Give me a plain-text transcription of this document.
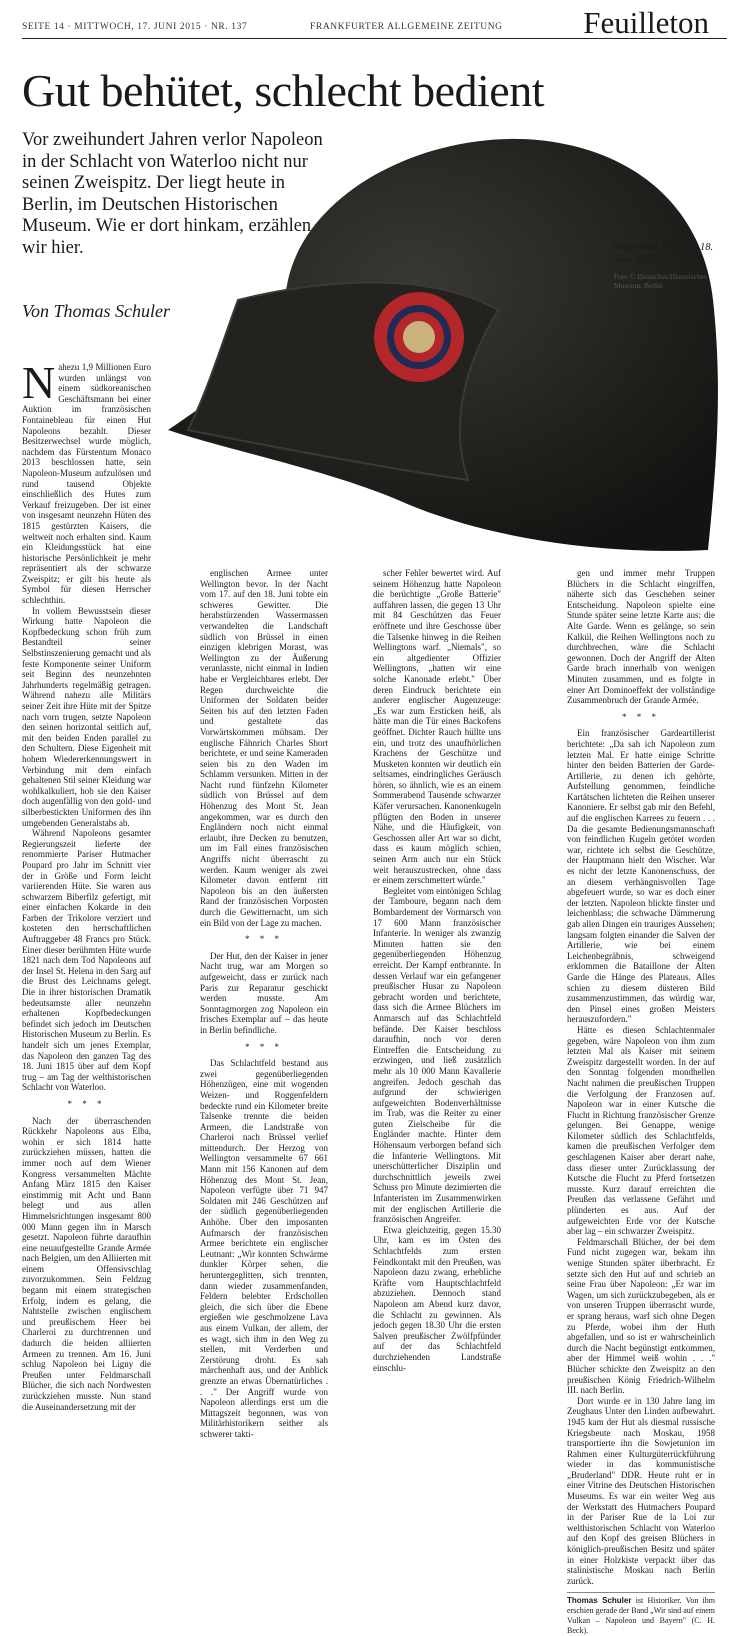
SEITE 14 · MITTWOCH, 17. JUNI 2015 · NR. 137	FRANKFURTER ALLGEMEINE ZEITUNG	Feuilleton
Gut behütet, schlecht bedient
Vor zweihundert Jahren verlor Napoleon in der Schlacht von Waterloo nicht nur seinen Zweispitz. Der liegt heute in Berlin, im Deutschen Historischen Museum. Wie er dort hinkam, erzählen wir hier.
Von Thomas Schuler
Napoleons Hut vom 18. Juni 1815
Foto © Deutsches Historisches Museum, Berlin

Nahezu 1,9 Millionen Euro wurden unlängst von einem südkoreanischen Geschäftsmann bei einer Auktion im französischen Fontainebleau für einen Hut Napoleons bezahlt. Dieser Besitzerwechsel wurde möglich, nachdem das Fürstentum Monaco 2013 beschlossen hatte, sein Napoleon-Museum aufzulösen und rund tausend Objekte einschließlich des Hutes zum Verkauf freizugeben. Der ist einer von insgesamt neunzehn Hüten des 1815 gestürzten Kaisers, die weltweit noch erhalten sind. Kaum ein Kleidungsstück hat eine historische Persönlichkeit je mehr repräsentiert als der schwarze Zweispitz; er gilt bis heute als Symbol für diesen Herrscher schlechthin.

In vollem Bewusstsein dieser Wirkung hatte Napoleon die Kopfbedeckung schon früh zum Bestandteil seiner Selbstinszenierung gemacht und als feste Komponente seiner Uniform seit Beginn des neunzehnten Jahrhunderts regelmäßig getragen. Während nahezu alle Militärs seiner Zeit ihre Hüte mit der Spitze nach vorn trugen, setzte Napoleon den seinen horizontal seitlich auf, mit den beiden Enden parallel zu den Schultern. Diese Eigenheit mit hohem Wiedererkennungswert in Verbindung mit dem einfach gehaltenen Stil seiner Kleidung war wohlkalkuliert, hob sie den Kaiser doch augenfällig von den gold- und silberbestickten Uniformen des ihn umgebenden Generalstabs ab.

Während Napoleons gesamter Regierungszeit lieferte der renommierte Pariser Hutmacher Poupard pro Jahr im Schnitt vier der in Größe und Form leicht variierenden Hüte. Sie waren aus schwarzem Biberfilz gefertigt, mit einer einfachen Kokarde in den Farben der Trikolore verziert und kosteten den herrschaftlichen Auftraggeber 48 Francs pro Stück. Einer dieser berühmten Hüte wurde 1821 nach dem Tod Napoleons auf der Insel St. Helena in den Sarg auf die Brust des Leichnams gelegt. Die in ihrer historischen Dramatik bedeutsamste aller neunzehn erhaltenen Kopfbedeckungen befindet sich jedoch im Deutschen Historischen Museum zu Berlin. Es handelt sich um jenes Exemplar, das Napoleon den ganzen Tag des 18. Juni 1815 über auf dem Kopf trug – am Tag der welthistorischen Schlacht von Waterloo.

* * *

Nach der überraschenden Rückkehr Napoleons aus Elba, wohin er sich 1814 hatte zurückziehen müssen, hatten die immer noch auf dem Wiener Kongress versammelten Mächte Anfang März 1815 den Kaiser einstimmig mit Acht und Bann belegt und aus allen Himmelsrichtungen insgesamt 800 000 Mann gegen ihn in Marsch gesetzt. Napoleon führte daraufhin eine neuaufgestellte Grande Armée nach Belgien, um den Alliierten mit einem Offensivschlag zuvorzukommen. Sein Feldzug begann mit einem strategischen Erfolg, indem es gelang, die Nahtstelle zwischen englischem und preußischem Heer bei Charleroi zu durchtrennen und dadurch die beiden alliierten Armeen zu trennen. Am 16. Juni schlug Napoleon bei Ligny die Preußen unter Feldmarschall Blücher, die sich nach Nordwesten zurückziehen musste. Nun stand die Auseinandersetzung mit der

englischen Armee unter Wellington bevor. In der Nacht vom 17. auf den 18. Juni tobte ein schweres Gewitter. Die herabstürzenden Wassermassen verwandelten die Landschaft südlich von Brüssel in einen einzigen klebrigen Morast, was Wellington zu der Äußerung veranlasste, nicht einmal in Indien habe er Vergleichbares erlebt. Der Regen durchweichte die Uniformen der Soldaten beider Seiten bis auf den letzten Faden und gestaltete das Vorwärtskommen mühsam. Der englische Fähnrich Charles Short berichtete, er und seine Kameraden seien bis zu den Waden im Schlamm versunken. Mitten in der Nacht rund fünfzehn Kilometer südlich von Brüssel auf dem Höhenzug des Mont St. Jean angekommen, war es durch den Engländern noch nicht einmal erlaubt, ihre Decken zu benutzen, um im Fall eines französischen Angriffs nicht überrascht zu werden. Kaum weniger als zwei Kilometer davon entfernt ritt Napoleon bis an den äußersten Rand der französischen Vorposten durch die Gewitternacht, um sich ein Bild von der Lage zu machen.

* * *

Der Hut, den der Kaiser in jener Nacht trug, war am Morgen so aufgeweicht, dass er zurück nach Paris zur Reparatur geschickt werden musste. Am Sonntagmorgen zog Napoleon ein frisches Exemplar auf – das heute in Berlin befindliche.

* * *

Das Schlachtfeld bestand aus zwei gegenüberliegenden Höhenzügen, eine mit wogenden Weizen- und Roggenfeldern bedeckte rund ein Kilometer breite Talsenke trennte die beiden Armeen, die Landstraße von Charleroi nach Brüssel verlief mittendurch. Der Herzog von Wellington versammelte 67 661 Mann mit 156 Kanonen auf dem Höhenzug des Mont St. Jean, Napoleon verfügte über 71 947 Soldaten mit 246 Geschützen auf der südlich gegenüberliegenden Anhöhe. Über den imposanten Aufmarsch der französischen Armee berichtete ein englischer Leutnant: „Wir konnten Schwärme dunkler Körper sehen, die heruntergeglitten, sich trennten, dann wieder zusammenfanden, Feldern belebter Erdschollen gleich, die sich über die Ebene ergießen wie geschmolzene Lava aus einem Vulkan, der allem, der es wagt, sich ihm in den Weg zu stellen, mit Verderben und Zerstörung droht. Es sah märchenhaft aus, und der Anblick grenzte an etwas Übernatürliches . . ." Der Angriff wurde von Napoleon allerdings erst um die Mittagszeit begonnen, was von Militärhistorikern seither als schwerer takti-

scher Fehler bewertet wird. Auf seinem Höhenzug hatte Napoleon die berüchtigte „Große Batterie" auffahren lassen, die gegen 13 Uhr mit 84 Geschützen das Feuer eröffnete und ihre Geschosse über die Talsenke hinweg in die Reihen Wellingtons warf. „Niemals", so ein altgedienter Offizier Wellingtons, „hatten wir eine solche Kanonade erlebt." Über deren Eindruck berichtete ein anderer englischer Augenzeuge: „Es war zum Ersticken heiß, als hätte man die Tür eines Backofens geöffnet. Dichter Rauch hüllte uns ein, und trotz des unaufhörlichen Krachens der Geschütze und Musketen konnten wir deutlich ein seltsames, eindringliches Geräusch hören, so ähnlich, wie es an einem Sommerabend Tausende schwarzer Käfer verursachen. Kanonenkugeln pflügten den Boden in unserer Nähe, und die Häufigkeit, von Geschossen aller Art war so dicht, dass es kaum möglich schien, seinen Arm auch nur ein Stück weit herauszustrecken, ohne dass er einem zerschmettert würde."

Begleitet vom eintönigen Schlag der Tamboure, begann nach dem Bombardement der Vormarsch von 17 600 Mann französischer Infanterie. In weniger als zwanzig Minuten hatten sie den gegenüberliegenden Höhenzug erreicht. Der Kampf entbrannte. In dessen Verlauf war ein gefangener preußischer Husar zu Napoleon gebracht worden und berichtete, dass sich die Armee Blüchers im Anmarsch auf das Schlachtfeld befände. Der Kaiser beschloss daraufhin, noch vor deren Eintreffen die Entscheidung zu erzwingen, und ließ zusätzlich mehr als 10 000 Mann Kavallerie angreifen. Jedoch geschah das aufgrund der schwierigen aufgeweichten Bodenverhältnisse im Trab, was die Reiter zu einer guten Zielscheibe für die Engländer machte. Hinter dem Höhensaum verborgen befand sich die Infanterie Wellingtons. Mit unerschütterlicher Disziplin und durchschnittlich jeweils zwei Schuss pro Minute dezimierten die Infanteristen im Zusammenwirken mit der englischen Artillerie die französischen Angreifer.

Etwa gleichzeitig, gegen 15.30 Uhr, kam es im Osten des Schlachtfelds zum ersten Feindkontakt mit den Preußen, was Napoleon dazu zwang, erhebliche Kräfte vom Hauptschlachtfeld abzuziehen. Dennoch stand Napoleon am Abend kurz davor, die Schlacht zu gewinnen. Als jedoch gegen 18.30 Uhr die ersten Salven preußischer Zwölfpfünder auf der das Schlachtfeld durchziehenden Landstraße einschlu-

gen und immer mehr Truppen Blüchers in die Schlacht eingriffen, näherte sich das Geschehen seiner Entscheidung. Napoleon spielte eine Stunde später seine letzte Karte aus: die Alte Garde. Wenn es gelänge, so sein Kalkül, die Reihen Wellingtons noch zu durchbrechen, wäre die Schlacht gewonnen. Doch der Angriff der Alten Garde brach innerhalb von wenigen Minuten zusammen, und es folgte in einer Art Dominoeffekt der vollständige Zusammenbruch der Grande Armée.

* * *

Ein französischer Gardeartillerist berichtete: „Da sah ich Napoleon zum letzten Mal. Er hatte einige Schritte hinter den beiden Batterien der Garde-Artillerie, zu denen ich gehörte, Aufstellung genommen, feindliche Kartätschen lichteten die Reihen unserer Kanoniere. Er selbst gab mir den Befehl, auf die englischen Karrees zu feuern . . . Da die gesamte Bedienungsmannschaft von feindlichen Kugeln getötet worden war, richtete ich selbst die Geschütze, der Hauptmann hielt den Wischer. War es nicht der letzte Kanonenschuss, der an diesem verhängnisvollen Tage abgefeuert wurde, so war es doch einer der letzten. Napoleon blickte finster und leichenblass; die schwache Dämmerung gab allen Dingen ein trauriges Aussehen; langsam folgten einander die Salven der Artillerie, wie bei einem Leichenbegräbnis, schweigend erklommen die Bataillone der Alten Garde die Hänge des Plateaus. Alles schien zu diesem düsteren Bild zusammenzustimmen, das würdig war, den Pinsel eines großen Meisters herauszufordern."

Hätte es diesen Schlachtenmaler gegeben, wäre Napoleon von ihm zum letzten Mal als Kaiser mit seinem Zweispitz dargestellt worden. In der auf den Sonntag folgenden mondhellen Nacht nahmen die preußischen Truppen die Verfolgung der Franzosen auf. Napoleon war in einer Kutsche die Flucht in Richtung französischer Grenze gelungen. Bei Genappe, wenige Kilometer südlich des Schlachtfelds, kamen die preußischen Verfolger dem geschlagenen Kaiser aber derart nahe, dass dieser unter Zurücklassung der Kutsche die Flucht zu Pferd fortsetzen musste. Kurz darauf erreichten die Preußen das verlassene Gefährt und plünderten es aus. Auf der aufgeweichten Erde vor der Kutsche aber lag – ein schwarzer Zweispitz.

Feldmarschall Blücher, der bei dem Fund nicht zugegen war, bekam ihn wenige Stunden später überbracht. Er setzte sich den Hut auf und schrieb an seine Frau über Napoleon: „Er war im Wagen, um sich zurückzubegeben, als er von unseren Truppen überrascht wurde, er sprang heraus, warf sich ohne Degen zu Pferde, wobei ihm der Huth abgefallen, und so ist er wahrscheinlich durch die Nacht begünstigt entkommen, aber der Himmel weiß wohin . . ." Blücher schickte den Zweispitz an den preußischen König Friedrich-Wilhelm III. nach Berlin.

Dort wurde er in 130 Jahre lang im Zeughaus Unter den Linden aufbewahrt. 1945 kam der Hut als diesmal russische Kriegsbeute nach Moskau, 1958 transportierte ihn die Sowjetunion im Rahmen einer Kulturgüterrückführung wieder in das kommunistische „Bruderland" DDR. Heute ruht er in einer Vitrine des Deutschen Historischen Museums. Es war ein weiter Weg aus der Werkstatt des Hutmachers Poupard in der Pariser Rue de la Loi zur welthistorischen Schlacht von Waterloo auf den Kopf des greisen Blüchers in königlich-preußischen Besitz und später in einer Holzkiste verpackt über das stalinistische Moskau nach Berlin zurück.

Thomas Schuler ist Historiker. Von ihm erschien gerade der Band „Wir sind auf einem Vulkan – Napoleon und Bayern" (C. H. Beck).
